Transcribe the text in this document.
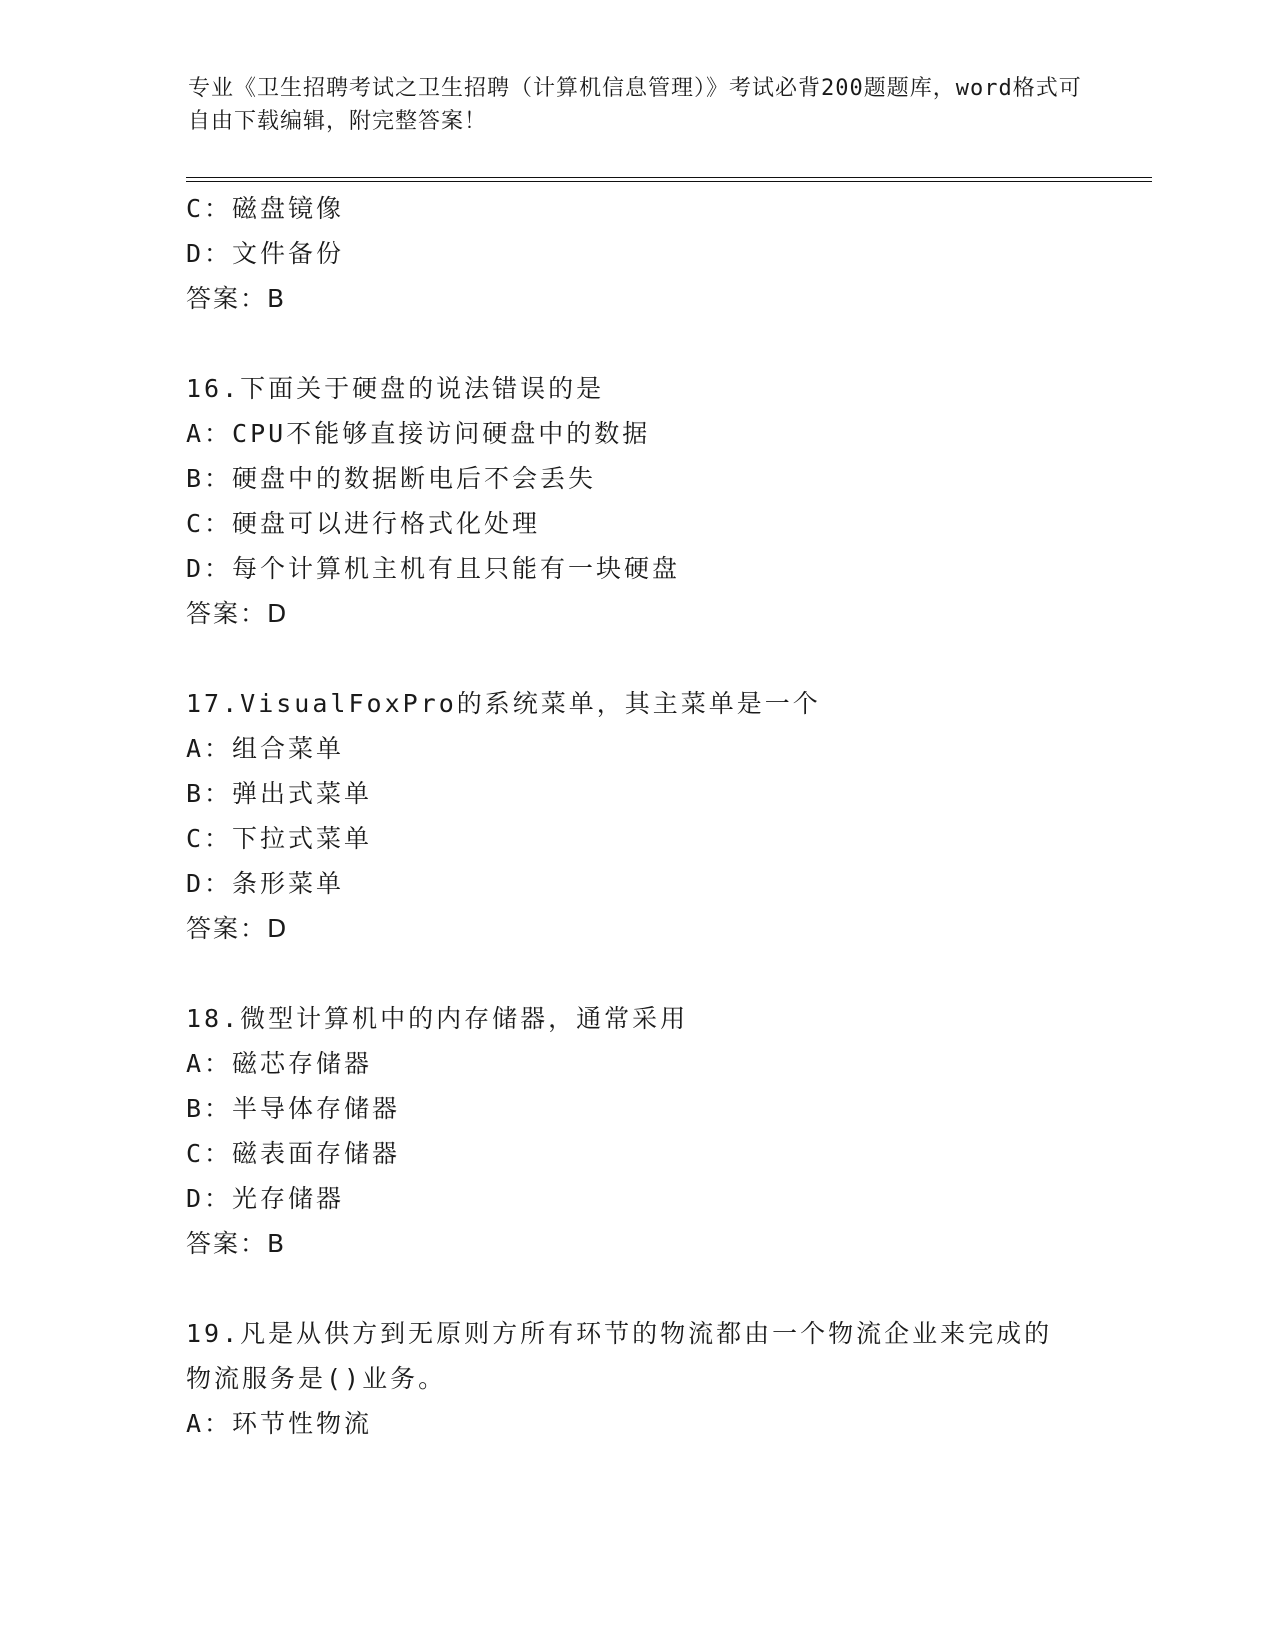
专业《卫生招聘考试之卫生招聘（计算机信息管理）》考试必背200题题库，word格式可自由下载编辑，附完整答案！
C：磁盘镜像
D：文件备份
答案：B
16.下面关于硬盘的说法错误的是
A：CPU不能够直接访问硬盘中的数据
B：硬盘中的数据断电后不会丢失
C：硬盘可以进行格式化处理
D：每个计算机主机有且只能有一块硬盘
答案：D
17.VisualFoxPro的系统菜单，其主菜单是一个
A：组合菜单
B：弹出式菜单
C：下拉式菜单
D：条形菜单
答案：D
18.微型计算机中的内存储器，通常采用
A：磁芯存储器
B：半导体存储器
C：磁表面存储器
D：光存储器
答案：B
19.凡是从供方到无原则方所有环节的物流都由一个物流企业来完成的
物流服务是()业务。
A：环节性物流
